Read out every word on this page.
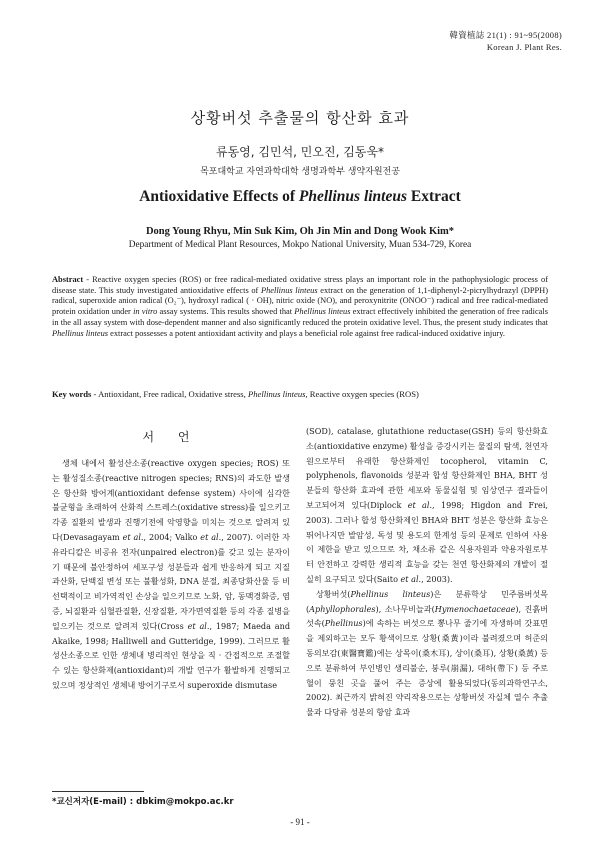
韓資植誌 21(1) : 91~95(2008)
Korean J. Plant Res.
상황버섯 추출물의 항산화 효과
류동영, 김민석, 민오진, 김동욱*
목포대학교 자연과학대학 생명과학부 생약자원전공
Antioxidative Effects of Phellinus linteus Extract
Dong Young Rhyu, Min Suk Kim, Oh Jin Min and Dong Wook Kim*
Department of Medical Plant Resources, Mokpo National University, Muan 534-729, Korea

Abstract - Reactive oxygen species (ROS) or free radical-mediated oxidative stress plays an important role in the pathophysiologic process of disease state. This study investigated antioxidative effects of Phellinus linteus extract on the generation of 1,1-diphenyl-2-picrylhydrazyl (DPPH) radical, superoxide anion radical (O₂⁻), hydroxyl radical ( · OH), nitric oxide (NO), and peroxynitrite (ONOO⁻) radical and free radical-mediated protein oxidation under in vitro assay systems. This results showed that Phellinus linteus extract effectively inhibited the generation of free radicals in the all assay system with dose-dependent manner and also significantly reduced the protein oxidative level. Thus, the present study indicates that Phellinus linteus extract possesses a potent antioxidant activity and plays a beneficial role against free radical-induced oxidative injury.

Key words - Antioxidant, Free radical, Oxidative stress, Phellinus linteus, Reactive oxygen species (ROS)

서 언

생체 내에서 활성산소종(reactive oxygen species; ROS) 또는 활성질소종(reactive nitrogen species; RNS)의 과도한 발생은 항산화 방어계(antioxidant defense system) 사이에 심각한 불균형을 초래하여 산화적 스트레스(oxidative stress)를 일으키고 각종 질환의 발생과 진행기전에 악영향을 미치는 것으로 알려져 있다(Devasagayam et al., 2004; Valko et al., 2007). 이러한 자유라디칼은 비공유 전자(unpaired electron)를 갖고 있는 분자이기 때문에 불안정하여 세포구성 성분들과 쉽게 반응하게 되고 지질 과산화, 단백질 변성 또는 불활성화, DNA 분절, 최종당화산물 등 비선택적이고 비가역적인 손상을 일으키므로 노화, 암, 동맥경화증, 염증, 뇌질환과 심혈관질환, 신장질환, 자가면역질환 등의 각종 질병을 일으키는 것으로 알려져 있다(Cross et al., 1987; Maeda and Akaike, 1998; Halliwell and Gutteridge, 1999). 그러므로 활성산소종으로 인한 생체내 병리적인 현상을 직 · 간접적으로 조절할 수 있는 항산화제(antioxidant)의 개발 연구가 활발하게 진행되고 있으며 정상적인 생체내 방어기구로서 superoxide dismutase

(SOD), catalase, glutathione reductase(GSH) 등의 항산화효소(antioxidative enzyme) 활성을 증강시키는 물질의 탐색, 천연자원으로부터 유래한 항산화제인 tocopherol, vitamin C, polyphenols, flavonoids 성분과 합성 항산화제인 BHA, BHT 성분들의 항산화 효과에 관한 세포와 동물실험 및 임상연구 결과들이 보고되어져 있다(Diplock et al., 1998; Higdon and Frei, 2003). 그러나 합성 항산화제인 BHA와 BHT 성분은 항산화 효능은 뛰어나지만 발암성, 독성 및 용도의 한계성 등의 문제로 인하여 사용이 제한을 받고 있으므로 차, 채소류 같은 식용자원과 약용자원로부터 안전하고 강력한 생리적 효능을 갖는 천연 항산화제의 개발이 절실히 요구되고 있다(Saito et al., 2003).

상황버섯(Phellinus linteus)은 분류학상 민주름버섯목(Aphyllophorales), 소나무비늘과(Hymenochaetaceae), 진흙버섯속(Phellinus)에 속하는 버섯으로 뽕나무 줄기에 자생하며 갓표면을 제외하고는 모두 황색이므로 상황(桑黃)이라 불려졌으며 허준의 동의보감(東醫寶鑑)에는 상목이(桑木耳), 상이(桑耳), 상황(桑黃) 등으로 분류하여 부인병인 생리불순, 붕루(崩漏), 대하(帶下) 등 주로 혈이 뭉친 곳을 풀어 주는 증상에 활용되었다(동의과학연구소, 2002). 최근까지 밝혀진 약리작용으로는 상황버섯 자실체 열수 추출물과 다당류 성분의 항암 효과

*교신저자(E-mail) : dbkim@mokpo.ac.kr
- 91 -
